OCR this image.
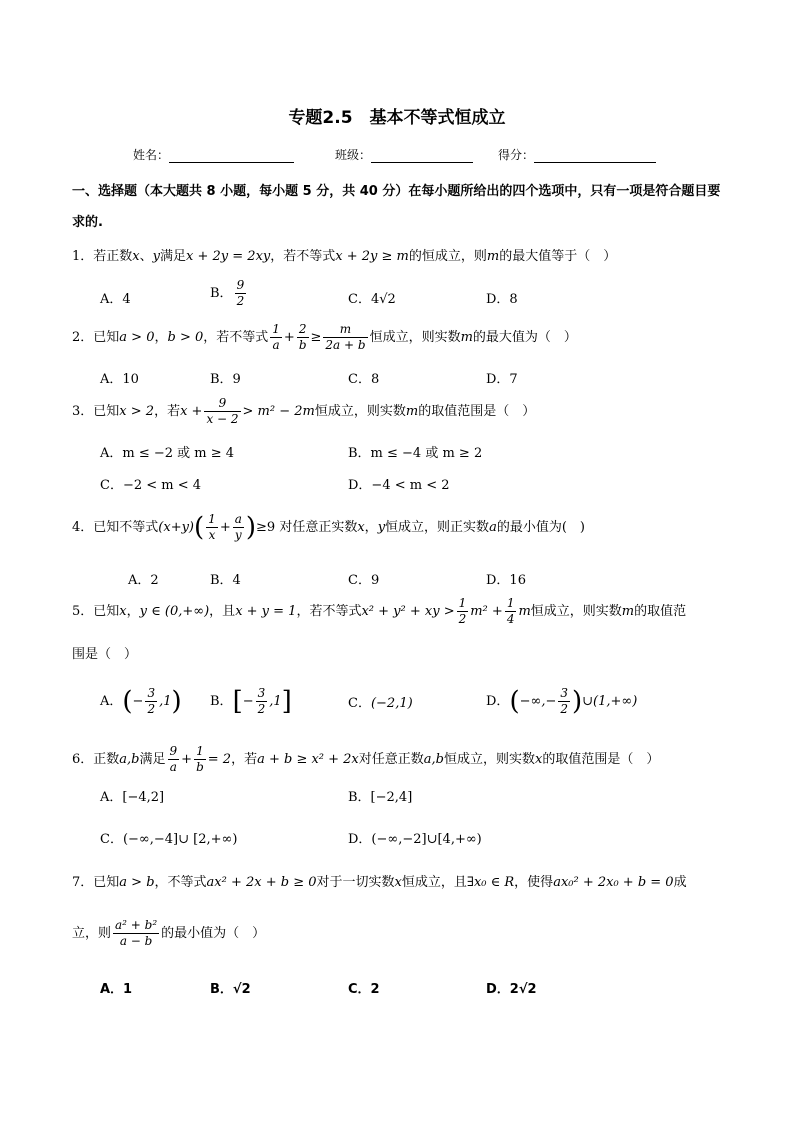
专题2.5　基本不等式恒成立
姓名：	班级：	得分：
一、选择题（本大题共 8 小题，每小题 5 分，共 40 分）在每小题所给出的四个选项中，只有一项是符合题目要求的.
1．若正数x、y满足x + 2y = 2xy，若不等式x + 2y ≥ m的恒成立，则m的最大值等于（　）
A．4	B． $\frac{9}{2}$	C．4√2	D．8
2．已知a > 0，b > 0，若不等式 $\frac{1}{a} + \frac{2}{b} \ge \frac{m}{2a + b}$ 恒成立，则实数m的最大值为（　）
A．10	B．9	C．8	D．7
3．已知x > 2，若$x + \frac{9}{x - 2} > m^2 - 2m$恒成立，则实数m的取值范围是（　）
A．m ≤ −2 或 m ≥ 4	B．m ≤ −4 或 m ≥ 2
C．−2 < m < 4	D．−4 < m < 2
4．已知不等式$(x+y)( \frac{1}{x} + \frac{a}{y} )\ge 9$ 对任意正实数x，y恒成立，则正实数a的最小值为(　)
A．2	B．4	C．9	D．16
5．已知x，y ∈ (0,+∞)，且x + y = 1，若不等式x² + y² + xy > $\frac{1}{2} m^2 + \frac{1}{4}$ m恒成立，则实数m的取值范
围是（　）
A．(− $\frac{3}{2} ,1$) B．[− $\frac{3}{2} ,1$]	C．(−2,1)	D．(−∞,− $\frac{3}{2}$ )∪(1,+∞)
6．正数a,b满足 $\frac{9}{a} + \frac{1}{b} = 2$，若a + b ≥ x² + 2x对任意正数a,b恒成立，则实数x的取值范围是（　）
A．[−4,2]	B．[−2,4]
C．(−∞,−4]∪ [2,+∞)	D．(−∞,−2]∪[4,+∞)
7．已知a > b，不等式ax² + 2x + b ≥ 0对于一切实数x恒成立，且∃x₀ ∈ R，使得ax₀² + 2x₀ + b = 0成
立，则 $\frac{\text{a² + b²}}{a - b}$ 的最小值为（　）
A．1	B．√2	C．2	D．2√2
